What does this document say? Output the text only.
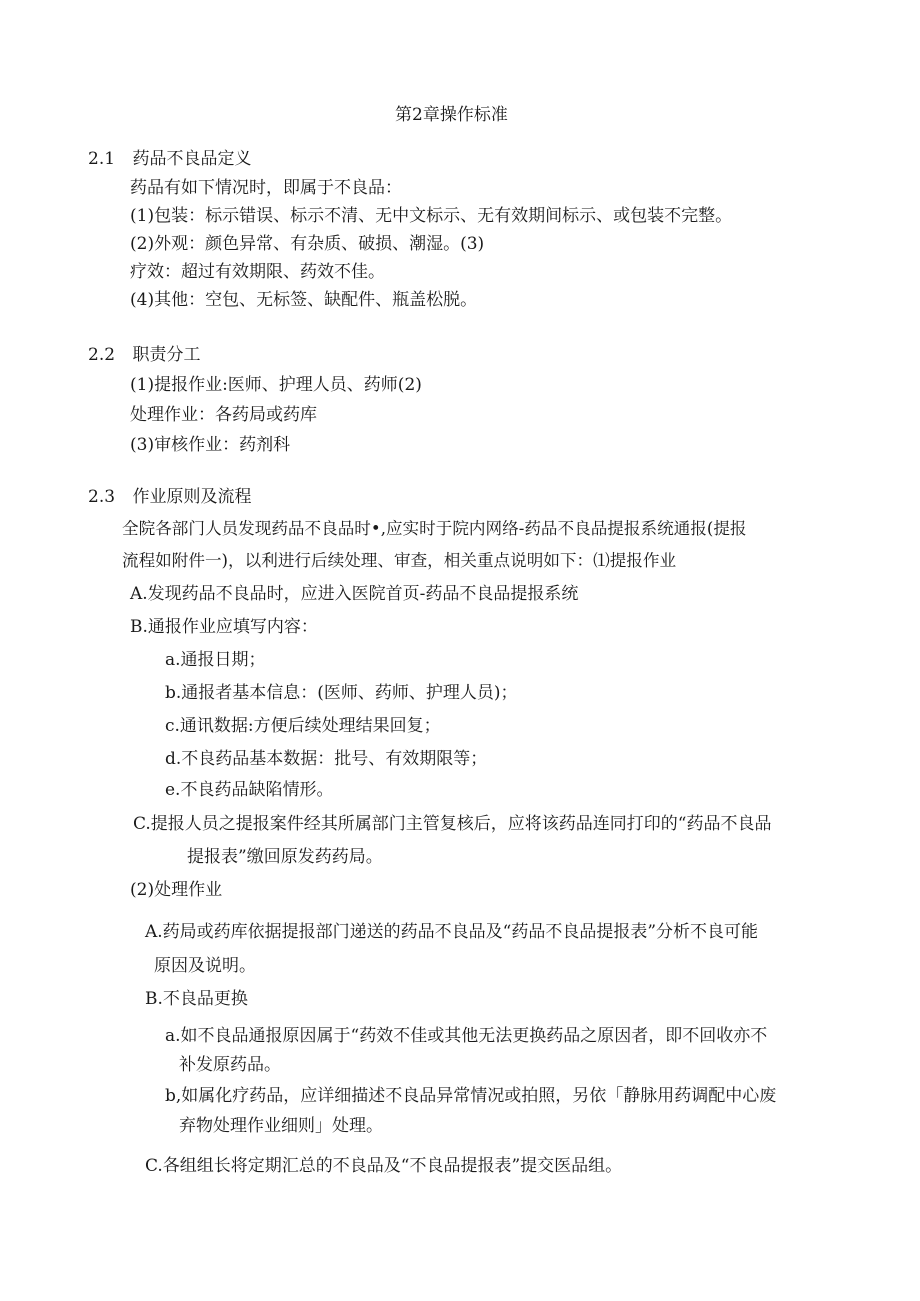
第2章操作标准
2.1 药品不良品定义
药品有如下情况时，即属于不良品：
(1)包装：标示错误、标示不清、无中文标示、无有效期间标示、或包装不完整。
(2)外观：颜色异常、有杂质、破损、潮湿。(3)
疗效：超过有效期限、药效不佳。
(4)其他：空包、无标签、缺配件、瓶盖松脱。
2.2 职责分工
(1)提报作业:医师、护理人员、药师(2)
处理作业：各药局或药库
(3)审核作业：药剂科
2.3 作业原则及流程
全院各部门人员发现药品不良品时•,应实时于院内网络-药品不良品提报系统通报(提报
流程如附件一)，以利进行后续处理、审查，相关重点说明如下：⑴提报作业
A.发现药品不良品时，应进入医院首页-药品不良品提报系统
B.通报作业应填写内容：
a.通报日期；
b.通报者基本信息：(医师、药师、护理人员)；
c.通讯数据:方便后续处理结果回复；
d.不良药品基本数据：批号、有效期限等；
e.不良药品缺陷情形。
C.提报人员之提报案件经其所属部门主管复核后，应将该药品连同打印的“药品不良品
提报表”缴回原发药药局。
(2)处理作业
A.药局或药库依据提报部门递送的药品不良品及“药品不良品提报表”分析不良可能
原因及说明。
B.不良品更换
a.如不良品通报原因属于“药效不佳或其他无法更换药品之原因者，即不回收亦不
补发原药品。
b,如属化疗药品，应详细描述不良品异常情况或拍照，另依「静脉用药调配中心废
弃物处理作业细则」处理。
C.各组组长将定期汇总的不良品及“不良品提报表”提交医品组。
